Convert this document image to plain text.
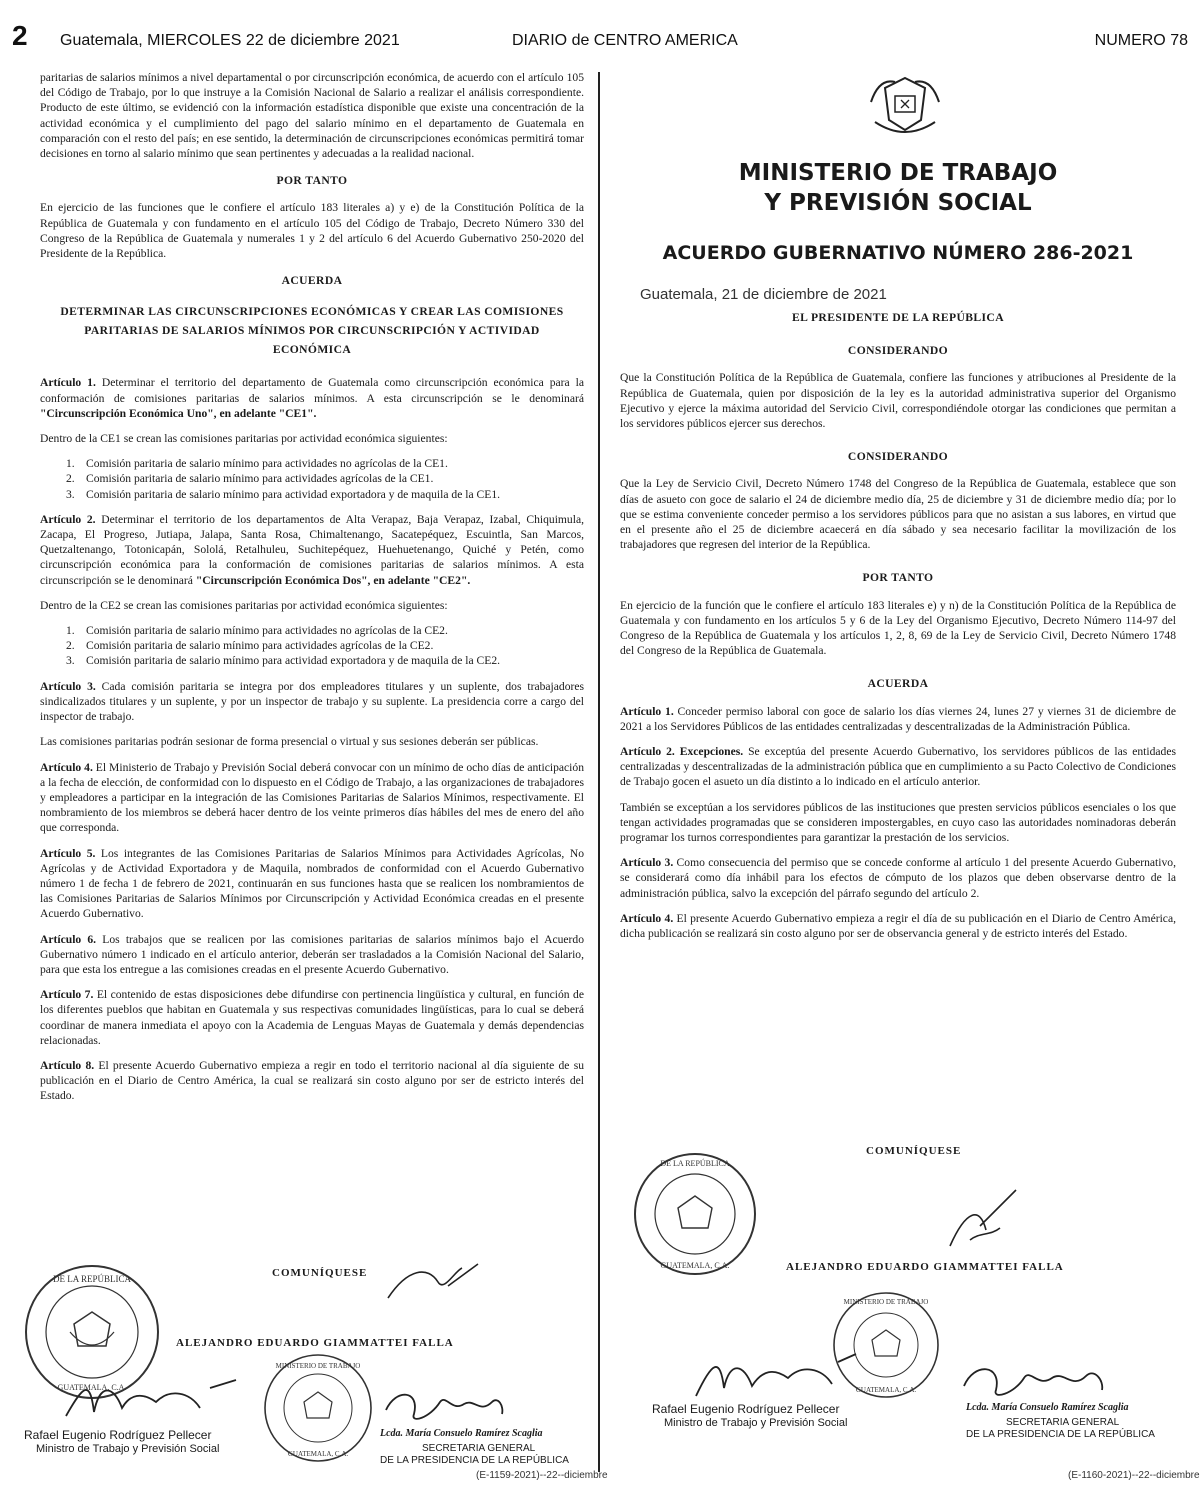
2 Guatemala, MIERCOLES 22 de diciembre 2021	DIARIO de CENTRO AMERICA	NUMERO 78

paritarias de salarios mínimos a nivel departamental o por circunscripción económica, de acuerdo con el artículo 105 del Código de Trabajo, por lo que instruye a la Comisión Nacional de Salario a realizar el análisis correspondiente. Producto de este último, se evidenció con la información estadística disponible que existe una concentración de la actividad económica y el cumplimiento del pago del salario mínimo en el departamento de Guatemala en comparación con el resto del país; en ese sentido, la determinación de circunscripciones económicas permitirá tomar decisiones en torno al salario mínimo que sean pertinentes y adecuadas a la realidad nacional.

POR TANTO

En ejercicio de las funciones que le confiere el artículo 183 literales a) y e) de la Constitución Política de la República de Guatemala y con fundamento en el artículo 105 del Código de Trabajo, Decreto Número 330 del Congreso de la República de Guatemala y numerales 1 y 2 del artículo 6 del Acuerdo Gubernativo 250-2020 del Presidente de la República.

ACUERDA
DETERMINAR LAS CIRCUNSCRIPCIONES ECONÓMICAS Y CREAR LAS COMISIONES PARITARIAS DE SALARIOS MÍNIMOS POR CIRCUNSCRIPCIÓN Y ACTIVIDAD ECONÓMICA

Artículo 1. Determinar el territorio del departamento de Guatemala como circunscripción económica para la conformación de comisiones paritarias de salarios mínimos. A esta circunscripción se le denominará "Circunscripción Económica Uno", en adelante "CE1".

Dentro de la CE1 se crean las comisiones paritarias por actividad económica siguientes:

1. Comisión paritaria de salario mínimo para actividades no agrícolas de la CE1.
2. Comisión paritaria de salario mínimo para actividades agrícolas de la CE1.
3. Comisión paritaria de salario mínimo para actividad exportadora y de maquila de la CE1.

Artículo 2. Determinar el territorio de los departamentos de Alta Verapaz, Baja Verapaz, Izabal, Chiquimula, Zacapa, El Progreso, Jutiapa, Jalapa, Santa Rosa, Chimaltenango, Sacatepéquez, Escuintla, San Marcos, Quetzaltenango, Totonicapán, Sololá, Retalhuleu, Suchitepéquez, Huehuetenango, Quiché y Petén, como circunscripción económica para la conformación de comisiones paritarias de salarios mínimos. A esta circunscripción se le denominará "Circunscripción Económica Dos", en adelante "CE2".

Dentro de la CE2 se crean las comisiones paritarias por actividad económica siguientes:

1. Comisión paritaria de salario mínimo para actividades no agrícolas de la CE2.
2. Comisión paritaria de salario mínimo para actividades agrícolas de la CE2.
3. Comisión paritaria de salario mínimo para actividad exportadora y de maquila de la CE2.

Artículo 3. Cada comisión paritaria se integra por dos empleadores titulares y un suplente, dos trabajadores sindicalizados titulares y un suplente, y por un inspector de trabajo y su suplente. La presidencia corre a cargo del inspector de trabajo.

Las comisiones paritarias podrán sesionar de forma presencial o virtual y sus sesiones deberán ser públicas.

Artículo 4. El Ministerio de Trabajo y Previsión Social deberá convocar con un mínimo de ocho días de anticipación a la fecha de elección, de conformidad con lo dispuesto en el Código de Trabajo, a las organizaciones de trabajadores y empleadores a participar en la integración de las Comisiones Paritarias de Salarios Mínimos, respectivamente. El nombramiento de los miembros se deberá hacer dentro de los veinte primeros días hábiles del mes de enero del año que corresponda.

Artículo 5. Los integrantes de las Comisiones Paritarias de Salarios Mínimos para Actividades Agrícolas, No Agrícolas y de Actividad Exportadora y de Maquila, nombrados de conformidad con el Acuerdo Gubernativo número 1 de fecha 1 de febrero de 2021, continuarán en sus funciones hasta que se realicen los nombramientos de las Comisiones Paritarias de Salarios Mínimos por Circunscripción y Actividad Económica creadas en el presente Acuerdo Gubernativo.

Artículo 6. Los trabajos que se realicen por las comisiones paritarias de salarios mínimos bajo el Acuerdo Gubernativo número 1 indicado en el artículo anterior, deberán ser trasladados a la Comisión Nacional del Salario, para que esta los entregue a las comisiones creadas en el presente Acuerdo Gubernativo.

Artículo 7. El contenido de estas disposiciones debe difundirse con pertinencia lingüística y cultural, en función de los diferentes pueblos que habitan en Guatemala y sus respectivas comunidades lingüísticas, para lo cual se deberá coordinar de manera inmediata el apoyo con la Academia de Lenguas Mayas de Guatemala y demás dependencias relacionadas.

Artículo 8. El presente Acuerdo Gubernativo empieza a regir en todo el territorio nacional al día siguiente de su publicación en el Diario de Centro América, la cual se realizará sin costo alguno por ser de estricto interés del Estado.

DE LA REPÚBLICA
GUATEMALA, C.A.
COMUNÍQUESE
ALEJANDRO EDUARDO GIAMMATTEI FALLA
Rafael Eugenio Rodríguez Pellecer
Ministro de Trabajo y Previsión Social
MINISTERIO DE TRABAJO
GUATEMALA, C.A.
Lcda. María Consuelo Ramírez Scaglia
SECRETARIA GENERAL
DE LA PRESIDENCIA DE LA REPÚBLICA
(E-1159-2021)--22--diciembre
MINISTERIO DE TRABAJO
Y PREVISIÓN SOCIAL
ACUERDO GUBERNATIVO NÚMERO 286-2021
Guatemala, 21 de diciembre de 2021
EL PRESIDENTE DE LA REPÚBLICA
CONSIDERANDO

Que la Constitución Política de la República de Guatemala, confiere las funciones y atribuciones al Presidente de la República de Guatemala, quien por disposición de la ley es la autoridad administrativa superior del Organismo Ejecutivo y ejerce la máxima autoridad del Servicio Civil, correspondiéndole otorgar las condiciones que permitan a los servidores públicos ejercer sus derechos.

CONSIDERANDO

Que la Ley de Servicio Civil, Decreto Número 1748 del Congreso de la República de Guatemala, establece que son días de asueto con goce de salario el 24 de diciembre medio día, 25 de diciembre y 31 de diciembre medio día; por lo que se estima conveniente conceder permiso a los servidores públicos para que no asistan a sus labores, en virtud que en el presente año el 25 de diciembre acaecerá en día sábado y sea necesario facilitar la movilización de los trabajadores que regresen del interior de la República.

POR TANTO

En ejercicio de la función que le confiere el artículo 183 literales e) y n) de la Constitución Política de la República de Guatemala y con fundamento en los artículos 5 y 6 de la Ley del Organismo Ejecutivo, Decreto Número 114-97 del Congreso de la República de Guatemala y los artículos 1, 2, 8, 69 de la Ley de Servicio Civil, Decreto Número 1748 del Congreso de la República de Guatemala.

ACUERDA

Artículo 1. Conceder permiso laboral con goce de salario los días viernes 24, lunes 27 y viernes 31 de diciembre de 2021 a los Servidores Públicos de las entidades centralizadas y descentralizadas de la Administración Pública.

Artículo 2. Excepciones. Se exceptúa del presente Acuerdo Gubernativo, los servidores públicos de las entidades centralizadas y descentralizadas de la administración pública que en cumplimiento a su Pacto Colectivo de Condiciones de Trabajo gocen el asueto un día distinto a lo indicado en el artículo anterior.

También se exceptúan a los servidores públicos de las instituciones que presten servicios públicos esenciales o los que tengan actividades programadas que se consideren impostergables, en cuyo caso las autoridades nominadoras deberán programar los turnos correspondientes para garantizar la prestación de los servicios.

Artículo 3. Como consecuencia del permiso que se concede conforme al artículo 1 del presente Acuerdo Gubernativo, se considerará como día inhábil para los efectos de cómputo de los plazos que deben observarse dentro de la administración pública, salvo la excepción del párrafo segundo del artículo 2.

Artículo 4. El presente Acuerdo Gubernativo empieza a regir el día de su publicación en el Diario de Centro América, dicha publicación se realizará sin costo alguno por ser de observancia general y de estricto interés del Estado.

DE LA REPÚBLICA
GUATEMALA, C.A.
COMUNÍQUESE
ALEJANDRO EDUARDO GIAMMATTEI FALLA
MINISTERIO DE TRABAJO
GUATEMALA, C.A.
Rafael Eugenio Rodríguez Pellecer
Ministro de Trabajo y Previsión Social
Lcda. María Consuelo Ramírez Scaglia
SECRETARIA GENERAL
DE LA PRESIDENCIA DE LA REPÚBLICA
(E-1160-2021)--22--diciembre
